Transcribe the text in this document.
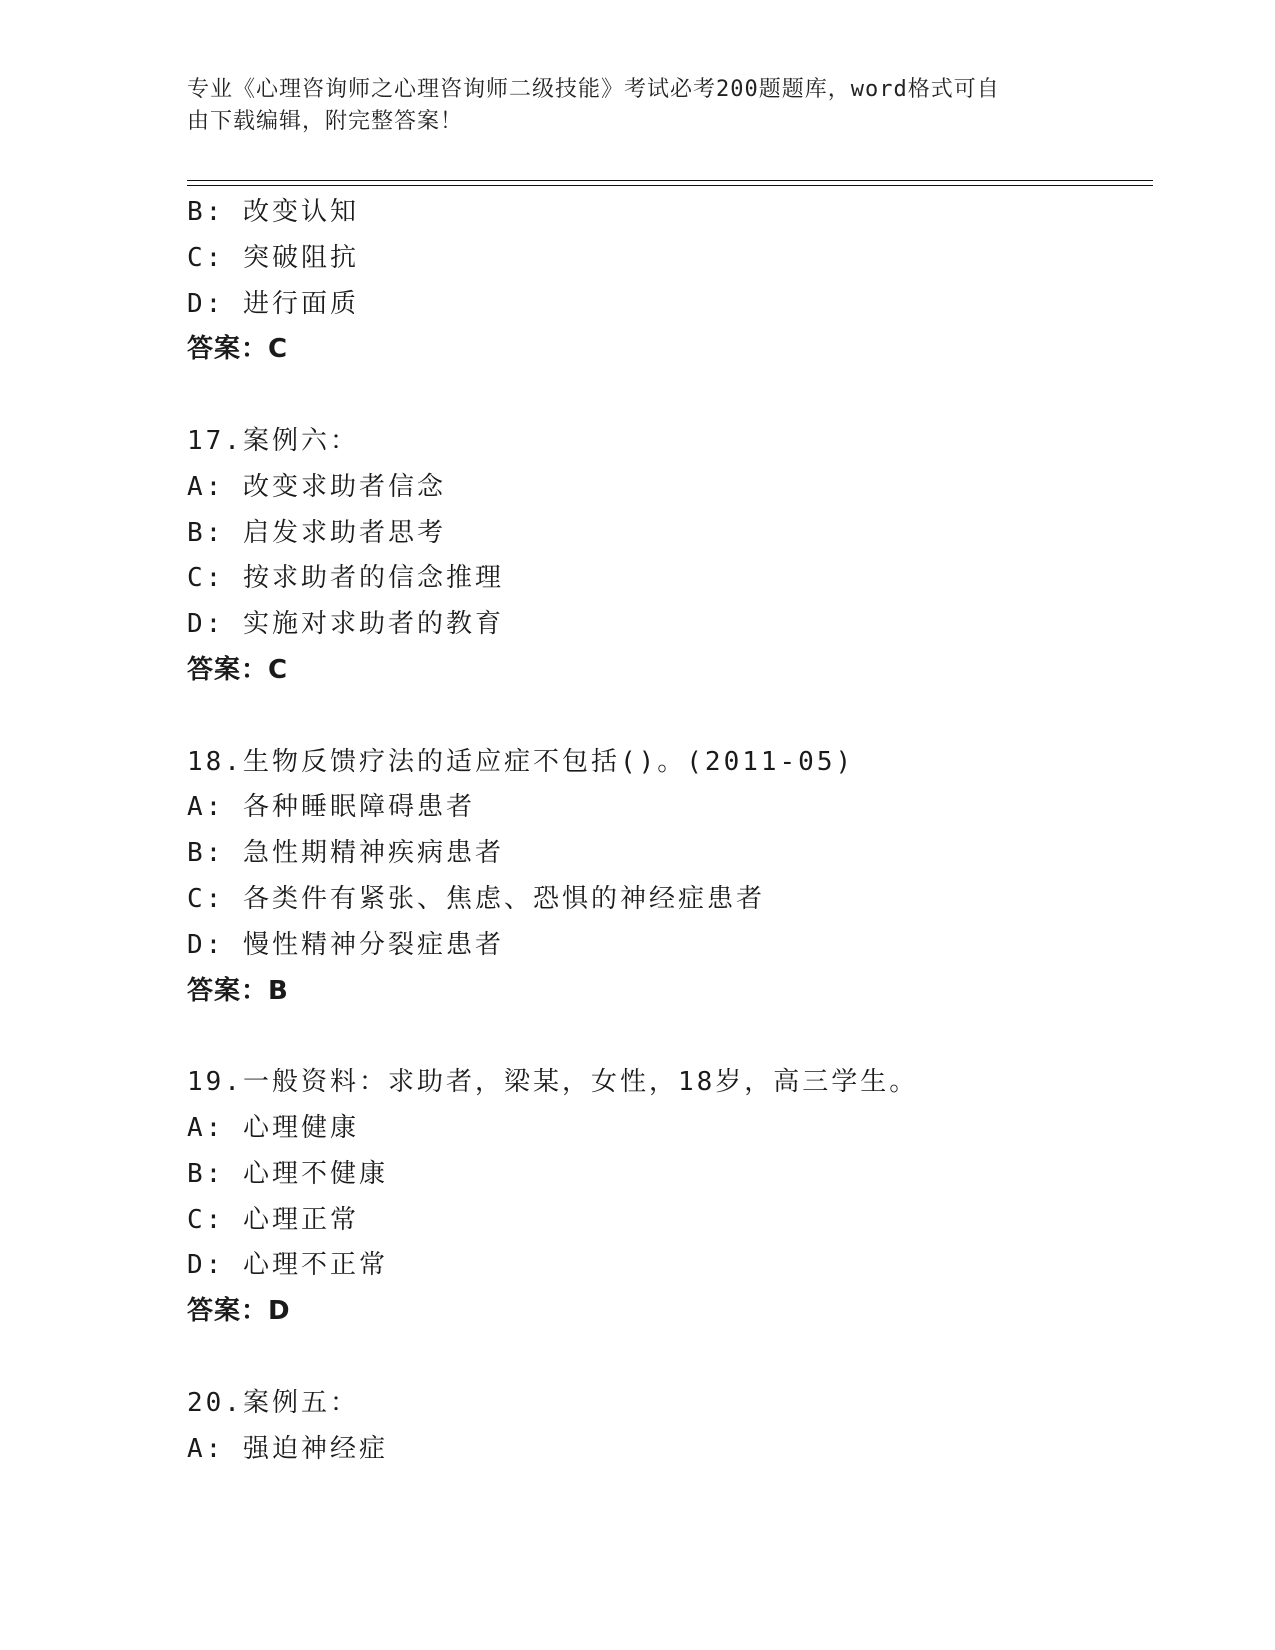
专业《心理咨询师之心理咨询师二级技能》考试必考200题题库，word格式可自
由下载编辑，附完整答案！
B: 改变认知
C: 突破阻抗
D: 进行面质
答案：C
17.案例六：
A: 改变求助者信念
B: 启发求助者思考
C: 按求助者的信念推理
D: 实施对求助者的教育
答案：C
18.生物反馈疗法的适应症不包括()。(2011-05)
A: 各种睡眠障碍患者
B: 急性期精神疾病患者
C: 各类件有紧张、焦虑、恐惧的神经症患者
D: 慢性精神分裂症患者
答案：B
19.一般资料：求助者，梁某，女性，18岁，高三学生。
A: 心理健康
B: 心理不健康
C: 心理正常
D: 心理不正常
答案：D
20.案例五：
A: 强迫神经症
